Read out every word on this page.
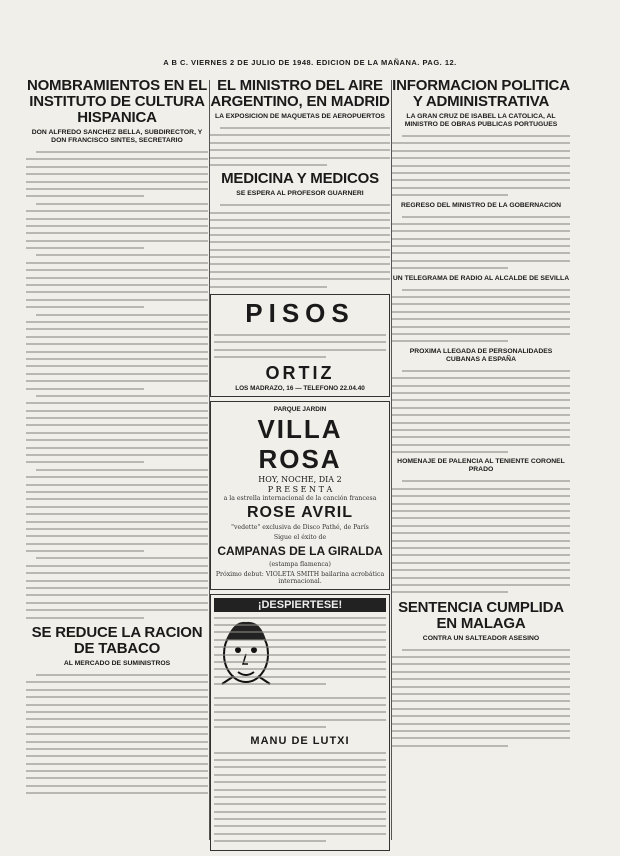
A B C. VIERNES 2 DE JULIO DE 1948. EDICION DE LA MAÑANA. PAG. 12.
NOMBRAMIENTOS EN EL INSTITUTO DE CULTURA HISPANICA
DON ALFREDO SANCHEZ BELLA, SUBDIRECTOR, Y DON FRANCISCO SINTES, SECRETARIO
SE REDUCE LA RACION DE TABACO
AL MERCADO DE SUMINISTROS
EL MINISTRO DEL AIRE ARGENTINO, EN MADRID
LA EXPOSICION DE MAQUETAS DE AEROPUERTOS
MEDICINA Y MEDICOS
SE ESPERA AL PROFESOR GUARNERI
PISOS
ORTIZ
LOS MADRAZO, 16 — TELEFONO 22.04.40
PARQUE JARDIN
VILLA ROSA
HOY, NOCHE, DIA 2
P R E S E N T A
a la estrella internacional de la canción francesa
ROSE AVRIL
"vedette" exclusiva de Disco Pathé, de París
Sigue el éxito de
CAMPANAS DE LA GIRALDA
(estampa flamenca)
Próximo debut: VIOLETA SMITH bailarina acrobática internacional.
¡DESPIERTESE!
MANU DE LUTXI
INFORMACION POLITICA Y ADMINISTRATIVA
LA GRAN CRUZ DE ISABEL LA CATOLICA, AL MINISTRO DE OBRAS PUBLICAS PORTUGUES
REGRESO DEL MINISTRO DE LA GOBERNACION
UN TELEGRAMA DE RADIO AL ALCALDE DE SEVILLA
PROXIMA LLEGADA DE PERSONALIDADES CUBANAS A ESPAÑA
HOMENAJE DE PALENCIA AL TENIENTE CORONEL PRADO
SENTENCIA CUMPLIDA EN MALAGA
CONTRA UN SALTEADOR ASESINO
